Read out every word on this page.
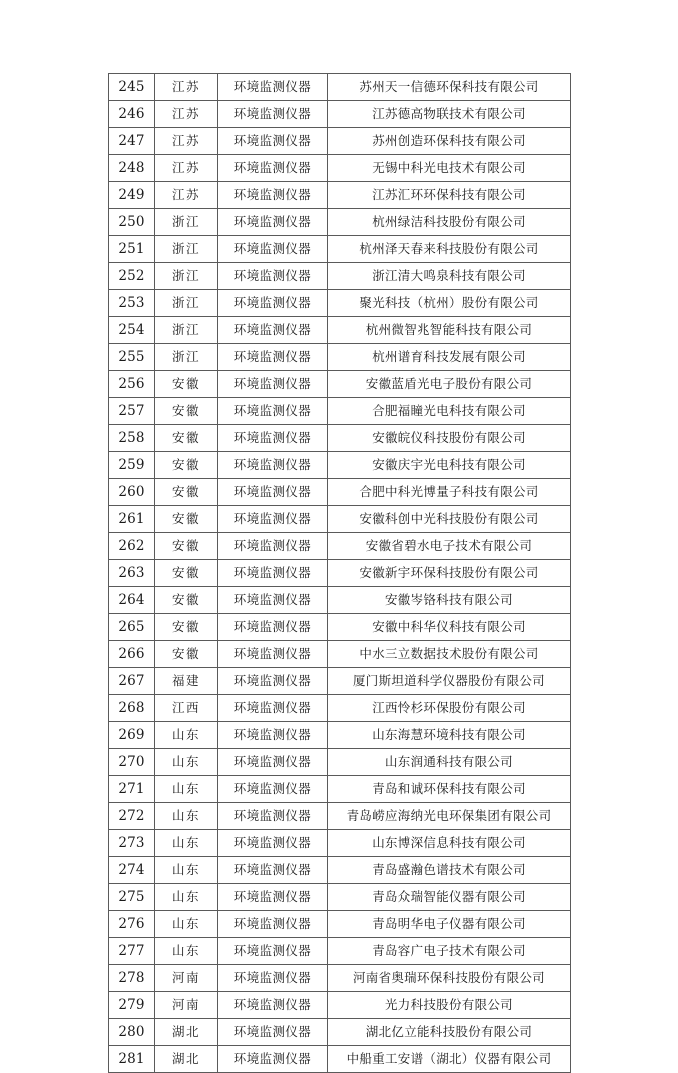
245	江苏	环境监测仪器	苏州天一信德环保科技有限公司
246	江苏	环境监测仪器	江苏德高物联技术有限公司
247	江苏	环境监测仪器	苏州创造环保科技有限公司
248	江苏	环境监测仪器	无锡中科光电技术有限公司
249	江苏	环境监测仪器	江苏汇环环保科技有限公司
250	浙江	环境监测仪器	杭州绿洁科技股份有限公司
251	浙江	环境监测仪器	杭州泽天春来科技股份有限公司
252	浙江	环境监测仪器	浙江清大鸣泉科技有限公司
253	浙江	环境监测仪器	聚光科技（杭州）股份有限公司
254	浙江	环境监测仪器	杭州微智兆智能科技有限公司
255	浙江	环境监测仪器	杭州谱育科技发展有限公司
256	安徽	环境监测仪器	安徽蓝盾光电子股份有限公司
257	安徽	环境监测仪器	合肥福瞳光电科技有限公司
258	安徽	环境监测仪器	安徽皖仪科技股份有限公司
259	安徽	环境监测仪器	安徽庆宇光电科技有限公司
260	安徽	环境监测仪器	合肥中科光博量子科技有限公司
261	安徽	环境监测仪器	安徽科创中光科技股份有限公司
262	安徽	环境监测仪器	安徽省碧水电子技术有限公司
263	安徽	环境监测仪器	安徽新宇环保科技股份有限公司
264	安徽	环境监测仪器	安徽岑铬科技有限公司
265	安徽	环境监测仪器	安徽中科华仪科技有限公司
266	安徽	环境监测仪器	中水三立数据技术股份有限公司
267	福建	环境监测仪器	厦门斯坦道科学仪器股份有限公司
268	江西	环境监测仪器	江西怜杉环保股份有限公司
269	山东	环境监测仪器	山东海慧环境科技有限公司
270	山东	环境监测仪器	山东润通科技有限公司
271	山东	环境监测仪器	青岛和诚环保科技有限公司
272	山东	环境监测仪器	青岛崂应海纳光电环保集团有限公司
273	山东	环境监测仪器	山东博深信息科技有限公司
274	山东	环境监测仪器	青岛盛瀚色谱技术有限公司
275	山东	环境监测仪器	青岛众瑞智能仪器有限公司
276	山东	环境监测仪器	青岛明华电子仪器有限公司
277	山东	环境监测仪器	青岛容广电子技术有限公司
278	河南	环境监测仪器	河南省奥瑞环保科技股份有限公司
279	河南	环境监测仪器	光力科技股份有限公司
280	湖北	环境监测仪器	湖北亿立能科技股份有限公司
281	湖北	环境监测仪器	中船重工安谱（湖北）仪器有限公司
